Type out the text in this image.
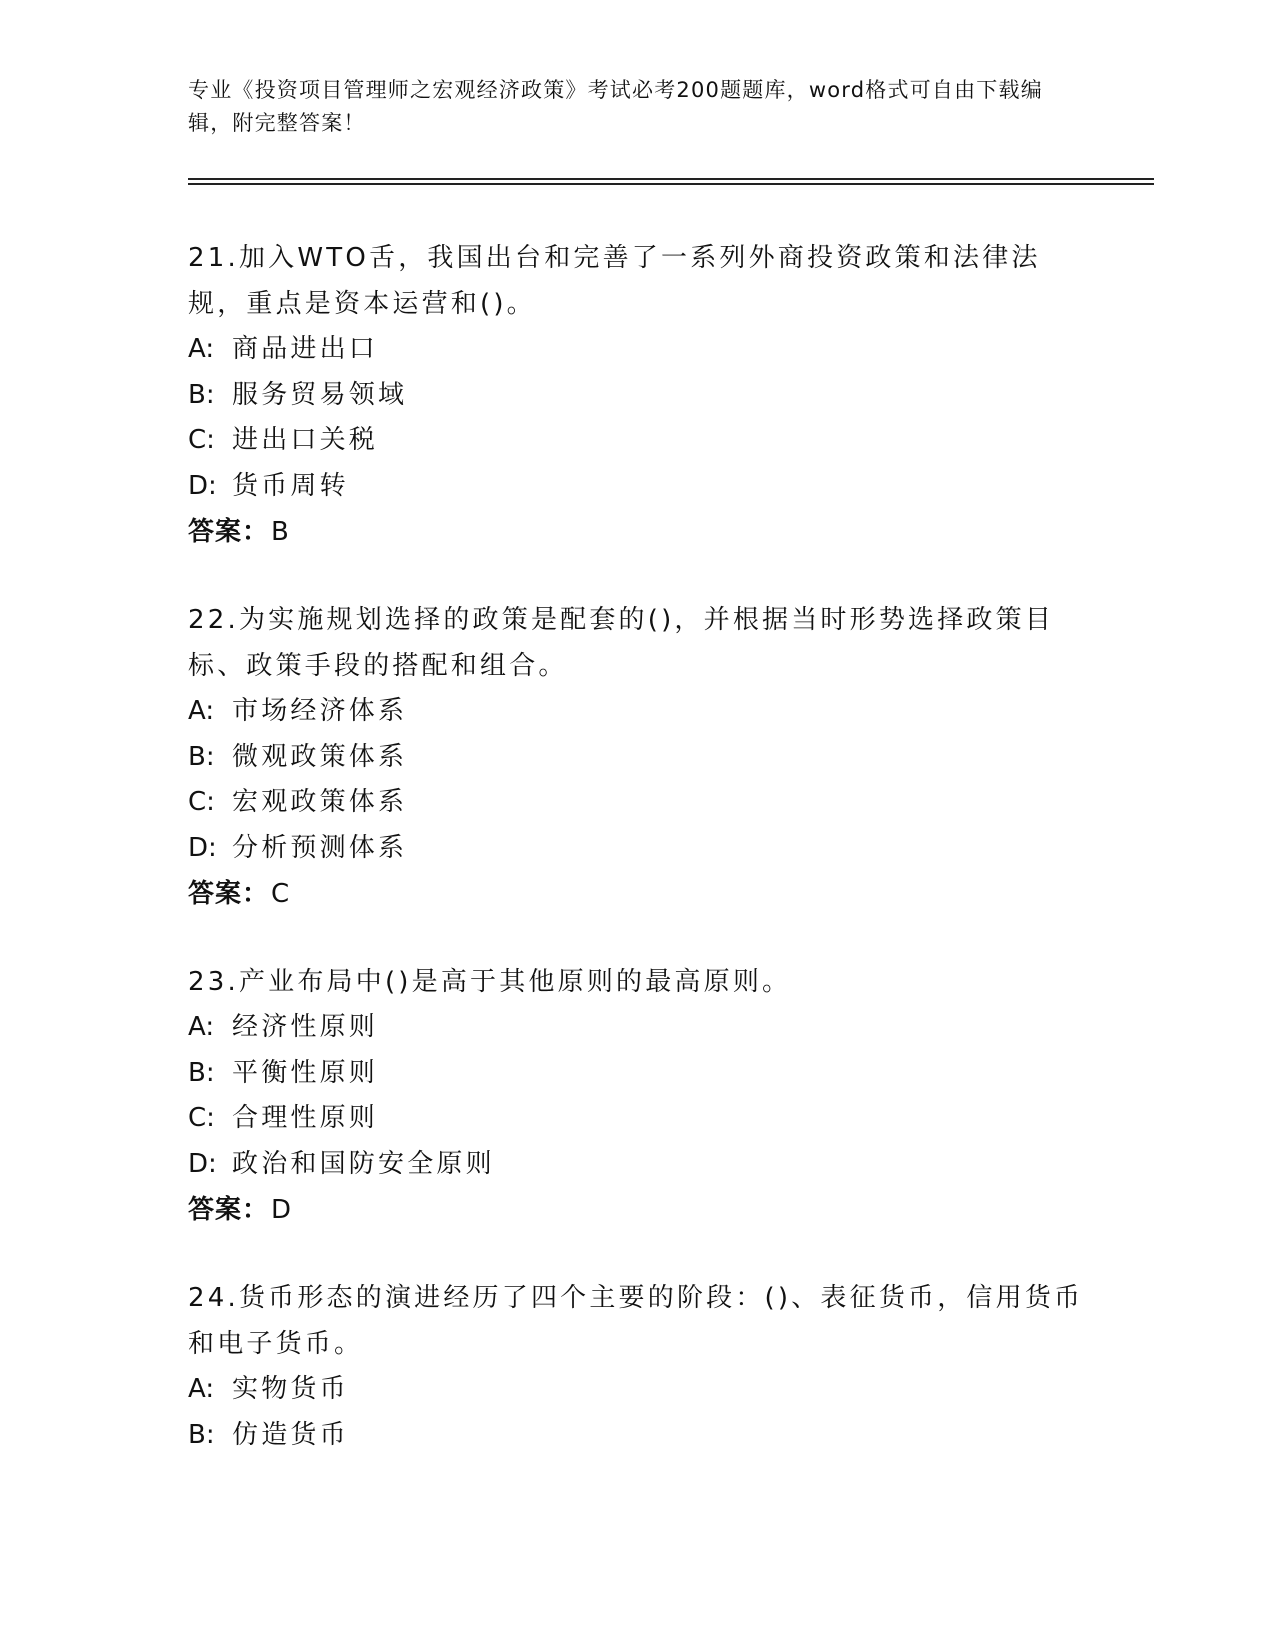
专业《投资项目管理师之宏观经济政策》考试必考200题题库，word格式可自由下载编辑，附完整答案！
21.加入WTO舌，我国出台和完善了一系列外商投资政策和法律法规，重点是资本运营和()。
A: 商品进出口
B: 服务贸易领域
C: 进出口关税
D: 货币周转
答案：B
22.为实施规划选择的政策是配套的()，并根据当时形势选择政策目标、政策手段的搭配和组合。
A: 市场经济体系
B: 微观政策体系
C: 宏观政策体系
D: 分析预测体系
答案：C
23.产业布局中()是高于其他原则的最高原则。
A: 经济性原则
B: 平衡性原则
C: 合理性原则
D: 政治和国防安全原则
答案：D
24.货币形态的演进经历了四个主要的阶段：()、表征货币，信用货币和电子货币。
A: 实物货币
B: 仿造货币
